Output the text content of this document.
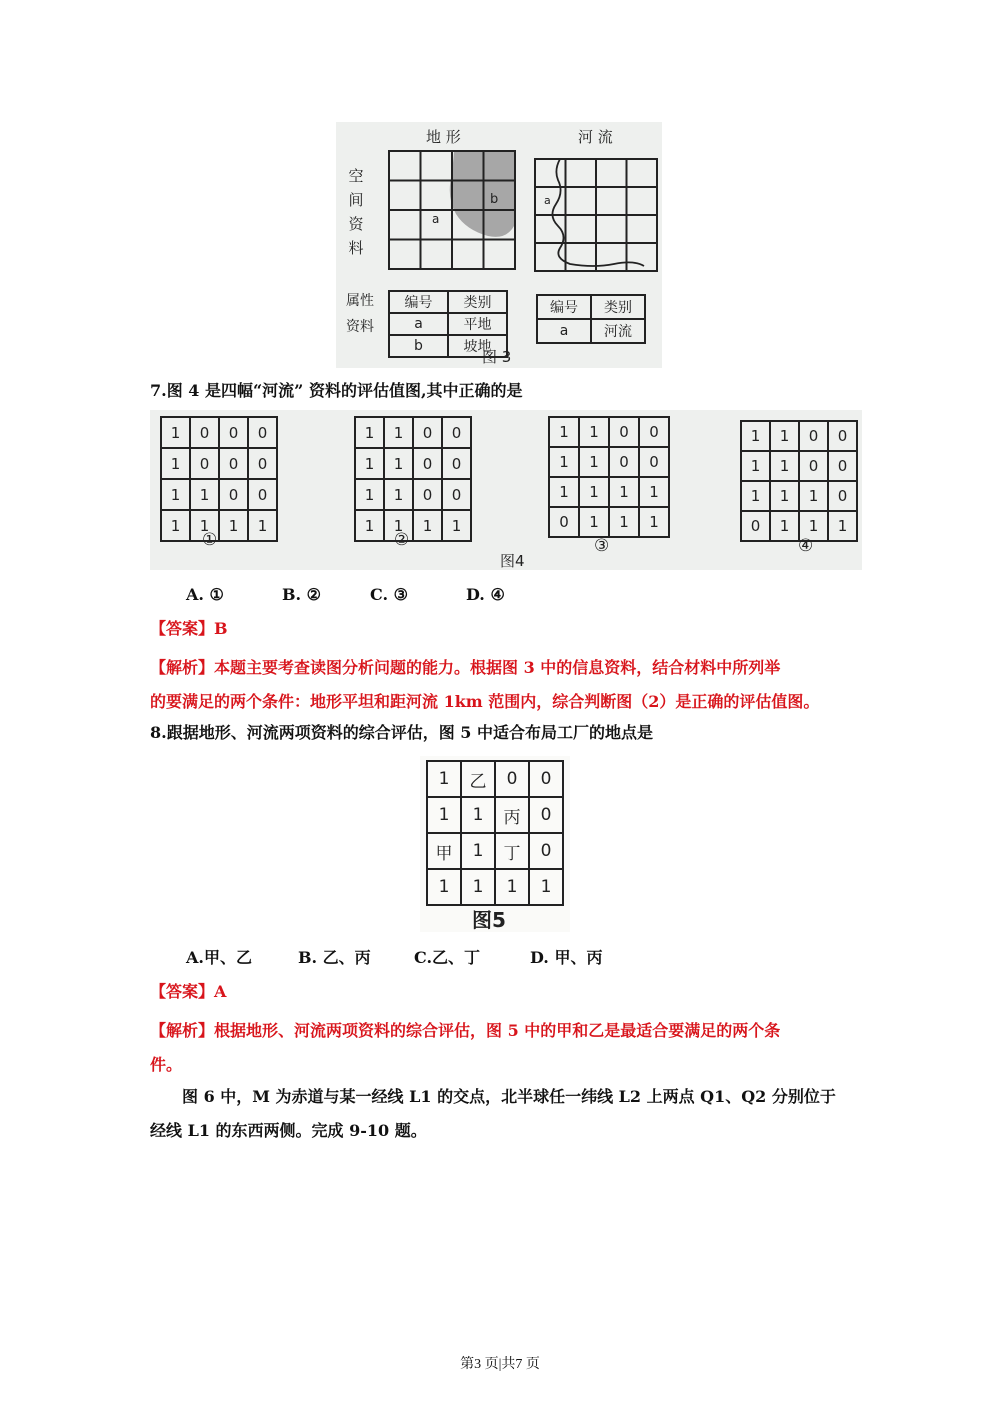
地 形	河 流
空
间
资
料
a
b	a
属性
资料
编号	类别
a	平地
b	坡地
编号	类别
a	河流
图 3
7.图 4 是四幅“河流” 资料的评估值图,其中正确的是
1	0	0	0
1	0	0	0
1	1	0	0
1	1	1	1
①
1	1	0	0
1	1	0	0
1	1	0	0
1	1	1	1
②
图4
1	1	0	0
1	1	0	0
1	1	1	1
0	1	1	1
③
1	1	0	0
1	1	0	0
1	1	1	0
0	1	1	1
④
A. ①	B. ②	C. ③	D. ④
【答案】B
【解析】本题主要考查读图分析问题的能力。根据图 3 中的信息资料，结合材料中所列举
的要满足的两个条件：地形平坦和距河流 1km 范围内，综合判断图（2）是正确的评估值图。
8.跟据地形、河流两项资料的综合评估，图 5 中适合布局工厂的地点是
1	乙	0	0
1	1	丙	0
甲	1	丁	0
1	1	1	1
图5
A.甲、乙	B. 乙、丙	C.乙、丁	D. 甲、丙
【答案】A
【解析】根据地形、河流两项资料的综合评估，图 5 中的甲和乙是最适合要满足的两个条
件。
图 6 中，M 为赤道与某一经线 L1 的交点，北半球任一纬线 L2 上两点 Q1、Q2 分别位于
经线 L1 的东西两侧。完成 9-10 题。
第3 页|共7 页
